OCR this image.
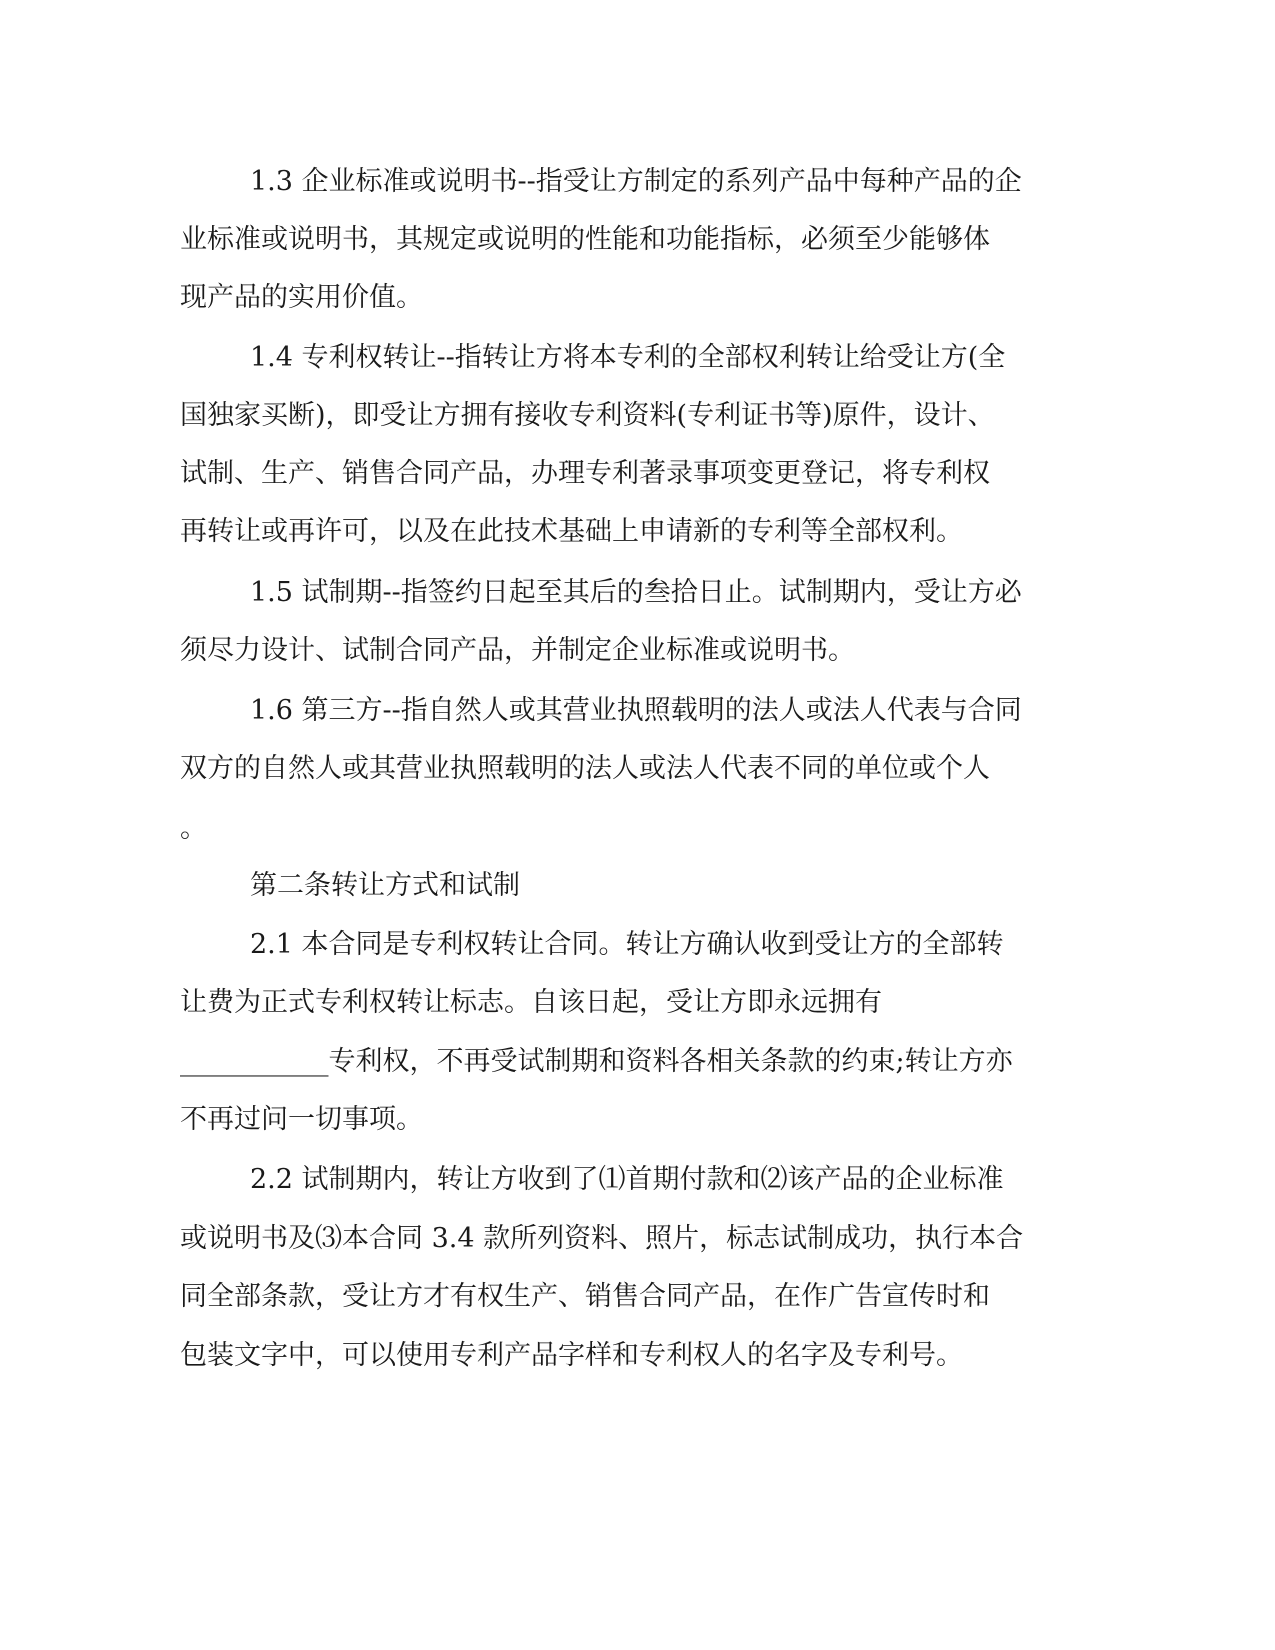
1.3 企业标准或说明书--指受让方制定的系列产品中每种产品的企
业标准或说明书，其规定或说明的性能和功能指标，必须至少能够体
现产品的实用价值。
1.4 专利权转让--指转让方将本专利的全部权利转让给受让方(全
国独家买断)，即受让方拥有接收专利资料(专利证书等)原件，设计、
试制、生产、销售合同产品，办理专利著录事项变更登记，将专利权
再转让或再许可，以及在此技术基础上申请新的专利等全部权利。
1.5 试制期--指签约日起至其后的叁拾日止。试制期内，受让方必
须尽力设计、试制合同产品，并制定企业标准或说明书。
1.6 第三方--指自然人或其营业执照载明的法人或法人代表与合同
双方的自然人或其营业执照载明的法人或法人代表不同的单位或个人
。
第二条转让方式和试制
2.1 本合同是专利权转让合同。转让方确认收到受让方的全部转
让费为正式专利权转让标志。自该日起，受让方即永远拥有
___________专利权，不再受试制期和资料各相关条款的约束;转让方亦
不再过问一切事项。
2.2 试制期内，转让方收到了⑴首期付款和⑵该产品的企业标准
或说明书及⑶本合同 3.4 款所列资料、照片，标志试制成功，执行本合
同全部条款，受让方才有权生产、销售合同产品，在作广告宣传时和
包装文字中，可以使用专利产品字样和专利权人的名字及专利号。
